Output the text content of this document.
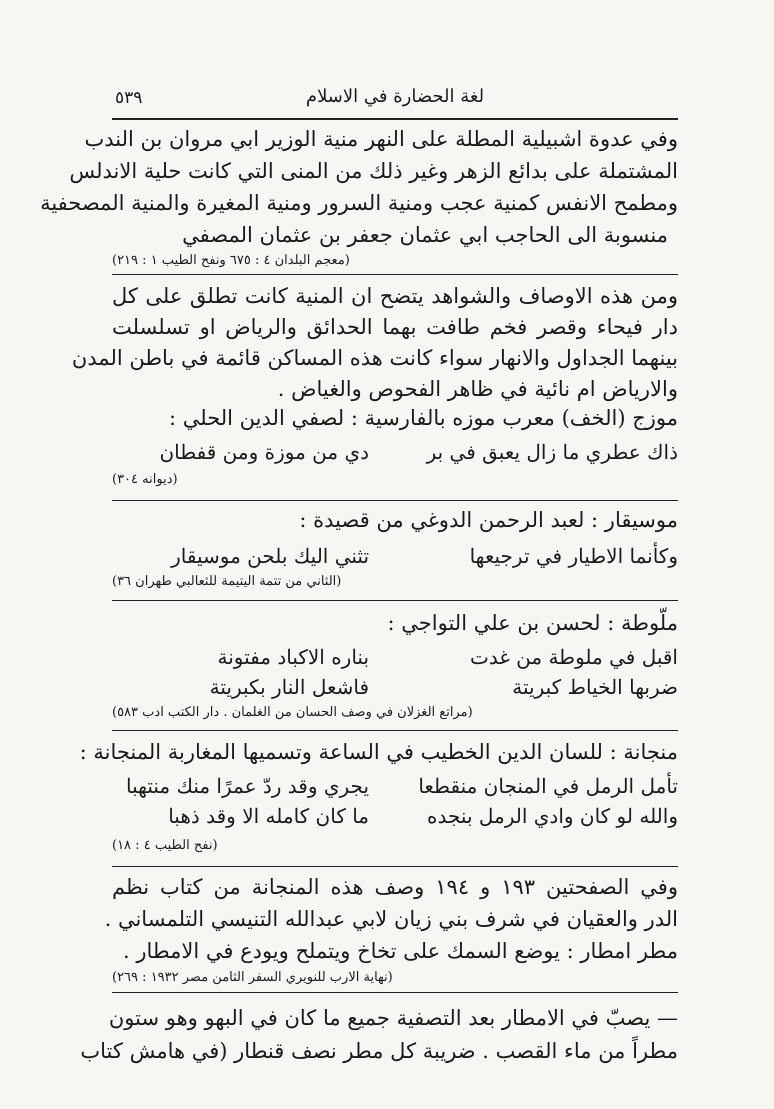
٥٣٩	لغة الحضارة في الاسلام
وفي عدوة اشبيلية المطلة على النهر منية الوزير ابي مروان بن الندب
المشتملة على بدائع الزهر وغير ذلك من المنى التي كانت حلية الاندلس
ومطمح الانفس كمنية عجب ومنية السرور ومنية المغيرة والمنية المصحفية
منسوبة الى الحاجب ابي عثمان جعفر بن عثمان المصفي
(معجم البلدان ٤ : ٦٧٥ ونفح الطيب ١ : ٢١٩)
ومن هذه الاوصاف والشواهد يتضح ان المنية كانت تطلق على كل
دار فيحاء وقصر فخم طافت بهما الحدائق والرياض او تسلسلت
بينهما الجداول والانهار سواء كانت هذه المساكن قائمة في باطن المدن
والارياض ام نائية في ظاهر الفحوص والغياض .
موزج (الخف) معرب موزه بالفارسية : لصفي الدين الحلي :
ذاك عطري ما زال يعبق في بر
دي من موزة ومن قفطان
(ديوانه ٣٠٤)
موسيقار : لعبد الرحمن الدوغي من قصيدة :
وكأنما الاطيار في ترجيعها
تثني اليك بلحن موسيقار
(الثاني من تتمة اليتيمة للثعالبي طهران ٣٦)
ملّوطة : لحسن بن علي التواجي :
اقبل في ملوطة من غدت
بناره الاكباد مفتونة
ضربها الخياط كبريتة
فاشعل النار بكبريتة
(مراتع الغزلان في وصف الحسان من الغلمان . دار الكتب ادب ٥٨٣)
منجانة : للسان الدين الخطيب في الساعة وتسميها المغاربة المنجانة :
تأمل الرمل في المنجان منقطعا
يجري وقد ردّ عمرًا منك منتهبا
والله لو كان وادي الرمل بنجده
ما كان كامله الا وقد ذهبا
(نفح الطيب ٤ : ١٨)
وفي الصفحتين ١٩٣ و ١٩٤ وصف هذه المنجانة من كتاب نظم
الدر والعقيان في شرف بني زيان لابي عبدالله التنيسي التلمساني .
مطر امطار : يوضع السمك على تخاخ ويتملح ويودع في الامطار .
(نهاية الارب للنويري السفر الثامن مصر ١٩٣٢ : ٢٦٩)
— يصبّ في الامطار بعد التصفية جميع ما كان في البهو وهو ستون
مطراً من ماء القصب . ضريبة كل مطر نصف قنطار (في هامش كتاب
